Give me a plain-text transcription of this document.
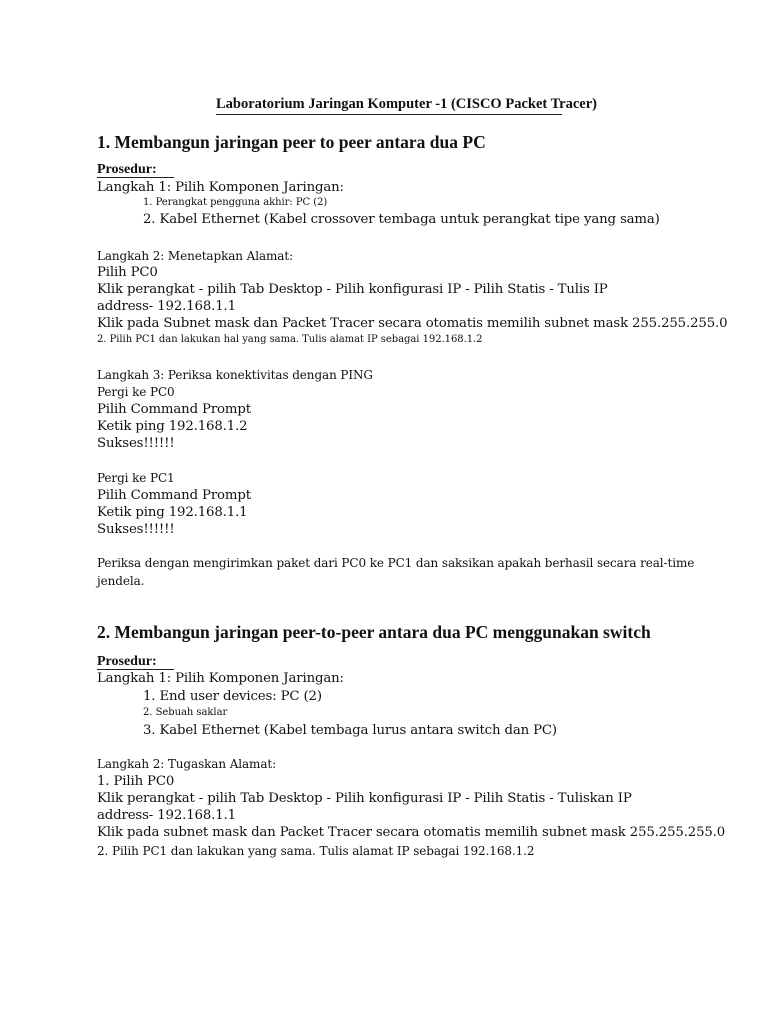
Laboratorium Jaringan Komputer -1 (CISCO Packet Tracer)
1. Membangun jaringan peer to peer antara dua PC
Prosedur:
Langkah 1: Pilih Komponen Jaringan:
1. Perangkat pengguna akhir: PC (2)
2. Kabel Ethernet (Kabel crossover tembaga untuk perangkat tipe yang sama)
Langkah 2: Menetapkan Alamat:
Pilih PC0
Klik perangkat - pilih Tab Desktop - Pilih konfigurasi IP - Pilih Statis - Tulis IP
address- 192.168.1.1
Klik pada Subnet mask dan Packet Tracer secara otomatis memilih subnet mask 255.255.255.0
2. Pilih PC1 dan lakukan hal yang sama. Tulis alamat IP sebagai 192.168.1.2
Langkah 3: Periksa konektivitas dengan PING
Pergi ke PC0
Pilih Command Prompt
Ketik ping 192.168.1.2
Sukses!!!!!!
Pergi ke PC1
Pilih Command Prompt
Ketik ping 192.168.1.1
Sukses!!!!!!
Periksa dengan mengirimkan paket dari PC0 ke PC1 dan saksikan apakah berhasil secara real-time
jendela.
2. Membangun jaringan peer-to-peer antara dua PC menggunakan switch
Prosedur:
Langkah 1: Pilih Komponen Jaringan:
1. End user devices: PC (2)
2. Sebuah saklar
3. Kabel Ethernet (Kabel tembaga lurus antara switch dan PC)
Langkah 2: Tugaskan Alamat:
1. Pilih PC0
Klik perangkat - pilih Tab Desktop - Pilih konfigurasi IP - Pilih Statis - Tuliskan IP
address- 192.168.1.1
Klik pada subnet mask dan Packet Tracer secara otomatis memilih subnet mask 255.255.255.0
2. Pilih PC1 dan lakukan yang sama. Tulis alamat IP sebagai 192.168.1.2
